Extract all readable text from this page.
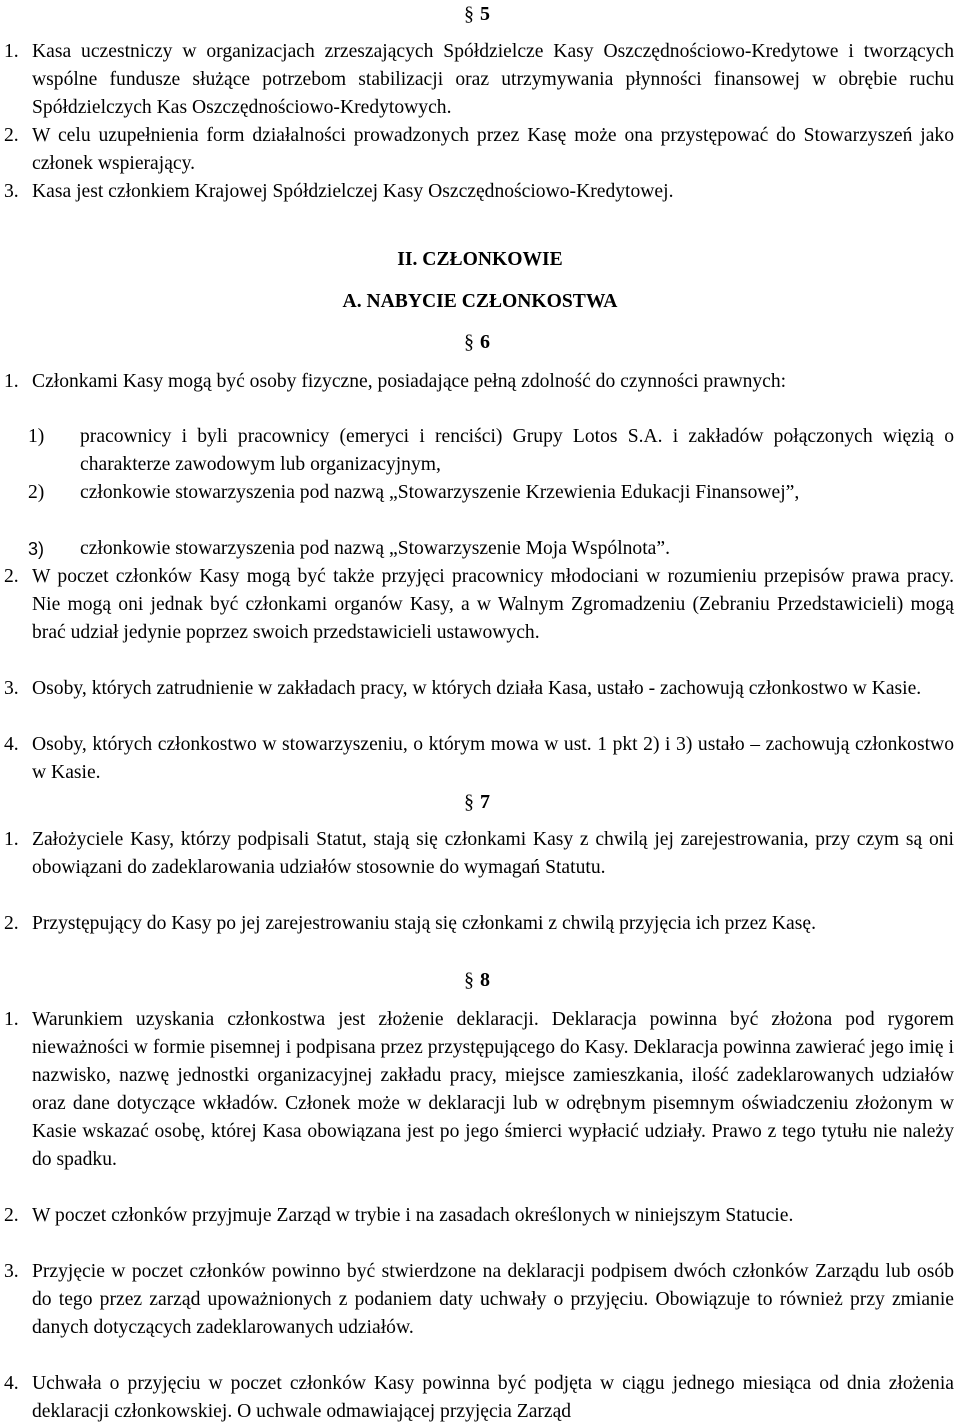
§ 5
1. Kasa uczestniczy w organizacjach zrzeszających Spółdzielcze Kasy Oszczędnościowo-Kredytowe i tworzących wspólne fundusze służące potrzebom stabilizacji oraz utrzymywania płynności finansowej w obrębie ruchu Spółdzielczych Kas Oszczędnościowo-Kredytowych.
2. W celu uzupełnienia form działalności prowadzonych przez Kasę może ona przystępować do Stowarzyszeń jako członek wspierający.
3. Kasa jest członkiem Krajowej Spółdzielczej Kasy Oszczędnościowo-Kredytowej.
II. CZŁONKOWIE
A. NABYCIE CZŁONKOSTWA
§ 6
1. Członkami Kasy mogą być osoby fizyczne, posiadające pełną zdolność do czynności prawnych:
1)	pracownicy i byli pracownicy (emeryci i renciści) Grupy Lotos S.A. i zakładów połączonych więzią o charakterze zawodowym lub organizacyjnym,
2)	członkowie stowarzyszenia pod nazwą „Stowarzyszenie Krzewienia Edukacji Finansowej”,
3)	członkowie stowarzyszenia pod nazwą „Stowarzyszenie Moja Wspólnota”.
2. W poczet członków Kasy mogą być także przyjęci pracownicy młodociani w rozumieniu przepisów prawa pracy. Nie mogą oni jednak być członkami organów Kasy, a w Walnym Zgromadzeniu (Zebraniu Przedstawicieli) mogą brać udział jedynie poprzez swoich przedstawicieli ustawowych.
3. Osoby, których zatrudnienie w zakładach pracy, w których działa Kasa, ustało - zachowują członkostwo w Kasie.
4. Osoby, których członkostwo w stowarzyszeniu, o którym mowa w ust. 1 pkt 2) i 3) ustało – zachowują członkostwo w Kasie.
§ 7
1. Założyciele Kasy, którzy podpisali Statut, stają się członkami Kasy z chwilą jej zarejestrowania, przy czym są oni obowiązani do zadeklarowania udziałów stosownie do wymagań Statutu.
2. Przystępujący do Kasy po jej zarejestrowaniu stają się członkami z chwilą przyjęcia ich przez Kasę.
§ 8
1. Warunkiem uzyskania członkostwa jest złożenie deklaracji. Deklaracja powinna być złożona pod rygorem nieważności w formie pisemnej i podpisana przez przystępującego do Kasy. Deklaracja powinna zawierać jego imię i nazwisko, nazwę jednostki organizacyjnej zakładu pracy, miejsce zamieszkania, ilość zadeklarowanych udziałów oraz dane dotyczące wkładów. Członek może w deklaracji lub w odrębnym pisemnym oświadczeniu złożonym w Kasie wskazać osobę, której Kasa obowiązana jest po jego śmierci wypłacić udziały. Prawo z tego tytułu nie należy do spadku.
2. W poczet członków przyjmuje Zarząd w trybie i na zasadach określonych w niniejszym Statucie.
3. Przyjęcie w poczet członków powinno być stwierdzone na deklaracji podpisem dwóch członków Zarządu lub osób do tego przez zarząd upoważnionych z podaniem daty uchwały o przyjęciu. Obowiązuje to również przy zmianie danych dotyczących zadeklarowanych udziałów.
4. Uchwała o przyjęciu w poczet członków Kasy powinna być podjęta w ciągu jednego miesiąca od dnia złożenia deklaracji członkowskiej. O uchwale odmawiającej przyjęcia Zarząd
